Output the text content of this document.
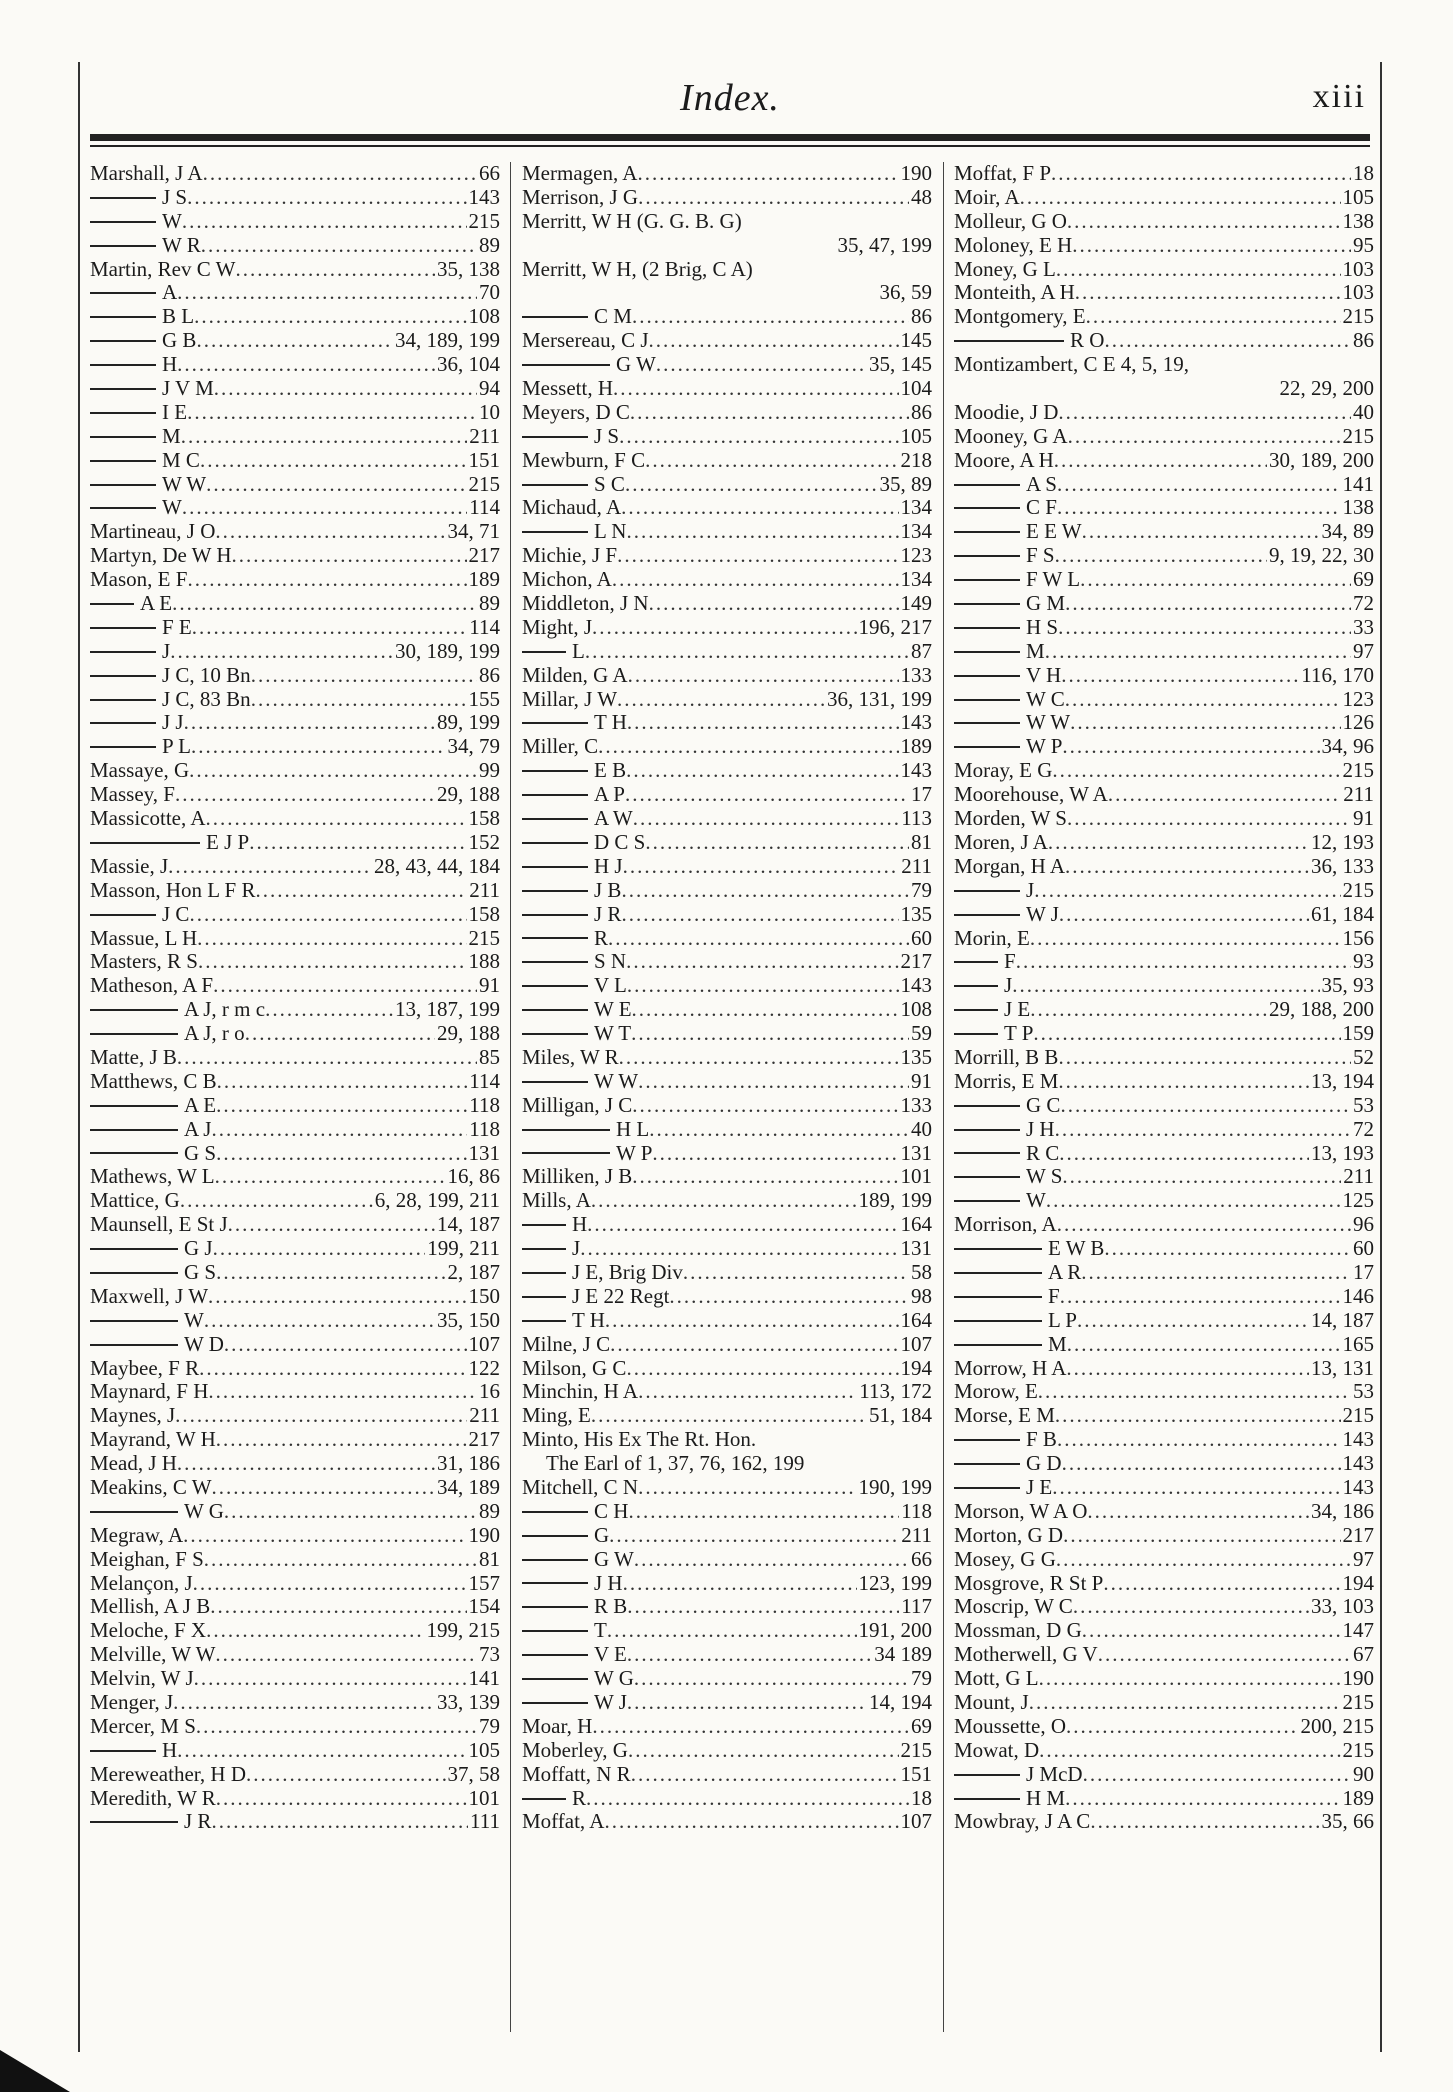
Index.	xiii
Marshall, J A .....	66
J S .....	143
W .....	215
W R .....	89
Martin, Rev C W .....	35, 138
A .....	70
B L .....	108
G B .....	34, 189, 199
H .....	36, 104
J V M .....	94
I E .....	10
M .....	211
M C .....	151
W W .....	215
W .....	114
Martineau, J O .....	34, 71
Martyn, De W H .....	217
Mason, E F .....	189
A E .....	89
F E .....	114
J .....	30, 189, 199
J C, 10 Bn .....	86
J C, 83 Bn .....	155
J J .....	89, 199
P L .....	34, 79
Massaye, G .....	99
Massey, F .....	29, 188
Massicotte, A .....	158
E J P .....	152
Massie, J .....	28, 43, 44, 184
Masson, Hon L F R .....	211
J C .....	158
Massue, L H .....	215
Masters, R S .....	188
Matheson, A F .....	91
A J, r m c .....	13, 187, 199
A J, r o .....	29, 188
Matte, J B .....	85
Matthews, C B .....	114
A E .....	118
A J .....	118
G S .....	131
Mathews, W L .....	16, 86
Mattice, G .....	6, 28, 199, 211
Maunsell, E St J .....	14, 187
G J .....	199, 211
G S .....	2, 187
Maxwell, J W .....	150
W .....	35, 150
W D .....	107
Maybee, F R .....	122
Maynard, F H .....	16
Maynes, J .....	211
Mayrand, W H .....	217
Mead, J H .....	31, 186
Meakins, C W .....	34, 189
W G .....	89
Megraw, A .....	190
Meighan, F S .....	81
Melançon, J .....	157
Mellish, A J B .....	154
Meloche, F X .....	199, 215
Melville, W W .....	73
Melvin, W J .....	141
Menger, J .....	33, 139
Mercer, M S .....	79
H .....	105
Mereweather, H D .....	37, 58
Meredith, W R .....	101
J R .....	111
Mermagen, A .....	190
Merrison, J G .....	48
Merritt, W H (G. G. B. G)
35, 47, 199
Merritt, W H, (2 Brig, C A)
36, 59
C M .....	86
Mersereau, C J .....	145
G W .....	35, 145
Messett, H .....	104
Meyers, D C .....	86
J S .....	105
Mewburn, F C .....	218
S C .....	35, 89
Michaud, A .....	134
L N .....	134
Michie, J F .....	123
Michon, A .....	134
Middleton, J N .....	149
Might, J .....	196, 217
L .....	87
Milden, G A .....	133
Millar, J W .....	36, 131, 199
T H .....	143
Miller, C .....	189
E B .....	143
A P .....	17
A W .....	113
D C S .....	81
H J .....	211
J B .....	79
J R .....	135
R .....	60
S N .....	217
V L .....	143
W E .....	108
W T .....	59
Miles, W R .....	135
W W .....	91
Milligan, J C .....	133
H L .....	40
W P .....	131
Milliken, J B .....	101
Mills, A .....	189, 199
H .....	164
J .....	131
J E, Brig Div .....	58
J E 22 Regt .....	98
T H .....	164
Milne, J C .....	107
Milson, G C .....	194
Minchin, H A .....	113, 172
Ming, E .....	51, 184
Minto, His Ex The Rt. Hon.
The Earl of 1, 37, 76, 162, 199
Mitchell, C N .....	190, 199
C H .....	118
G .....	211
G W .....	66
J H .....	123, 199
R B .....	117
T .....	191, 200
V E .....	34 189
W G .....	79
W J .....	14, 194
Moar, H .....	69
Moberley, G .....	215
Moffatt, N R .....	151
R .....	18
Moffat, A .....	107
Moffat, F P .....	18
Moir, A .....	105
Molleur, G O .....	138
Moloney, E H .....	95
Money, G L .....	103
Monteith, A H .....	103
Montgomery, E .....	215
R O .....	86
Montizambert, C E 4, 5, 19,
22, 29, 200
Moodie, J D .....	40
Mooney, G A .....	215
Moore, A H .....	30, 189, 200
A S .....	141
C F .....	138
E E W .....	34, 89
F S .....	9, 19, 22, 30
F W L .....	69
G M .....	72
H S .....	33
M .....	97
V H .....	116, 170
W C .....	123
W W .....	126
W P .....	34, 96
Moray, E G .....	215
Moorehouse, W A .....	211
Morden, W S .....	91
Moren, J A .....	12, 193
Morgan, H A .....	36, 133
J .....	215
W J .....	61, 184
Morin, E .....	156
F .....	93
J .....	35, 93
J E .....	29, 188, 200
T P .....	159
Morrill, B B .....	52
Morris, E M .....	13, 194
G C .....	53
J H .....	72
R C .....	13, 193
W S .....	211
W .....	125
Morrison, A .....	96
E W B .....	60
A R .....	17
F .....	146
L P .....	14, 187
M .....	165
Morrow, H A .....	13, 131
Morow, E .....	53
Morse, E M .....	215
F B .....	143
G D .....	143
J E .....	143
Morson, W A O .....	34, 186
Morton, G D .....	217
Mosey, G G .....	97
Mosgrove, R St P .....	194
Moscrip, W C .....	33, 103
Mossman, D G .....	147
Motherwell, G V .....	67
Mott, G L .....	190
Mount, J .....	215
Moussette, O .....	200, 215
Mowat, D .....	215
J McD .....	90
H M .....	189
Mowbray, J A C .....	35, 66
